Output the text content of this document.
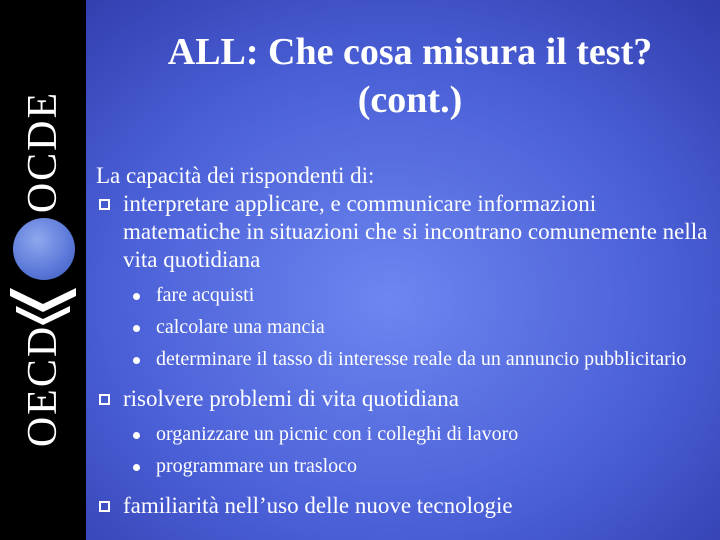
OCDE
OECD
ALL: Che cosa misura il test?
(cont.)

La capacità dei rispondenti di:

interpretare applicare, e communicare informazioni matematiche in situazioni che si incontrano comunemente nella vita quotidiana
fare acquisti
calcolare una mancia
determinare il tasso di interesse reale da un annuncio pubblicitario
risolvere problemi di vita quotidiana
organizzare un picnic con i colleghi di lavoro
programmare un trasloco
familiarità nell’uso delle nuove tecnologie
